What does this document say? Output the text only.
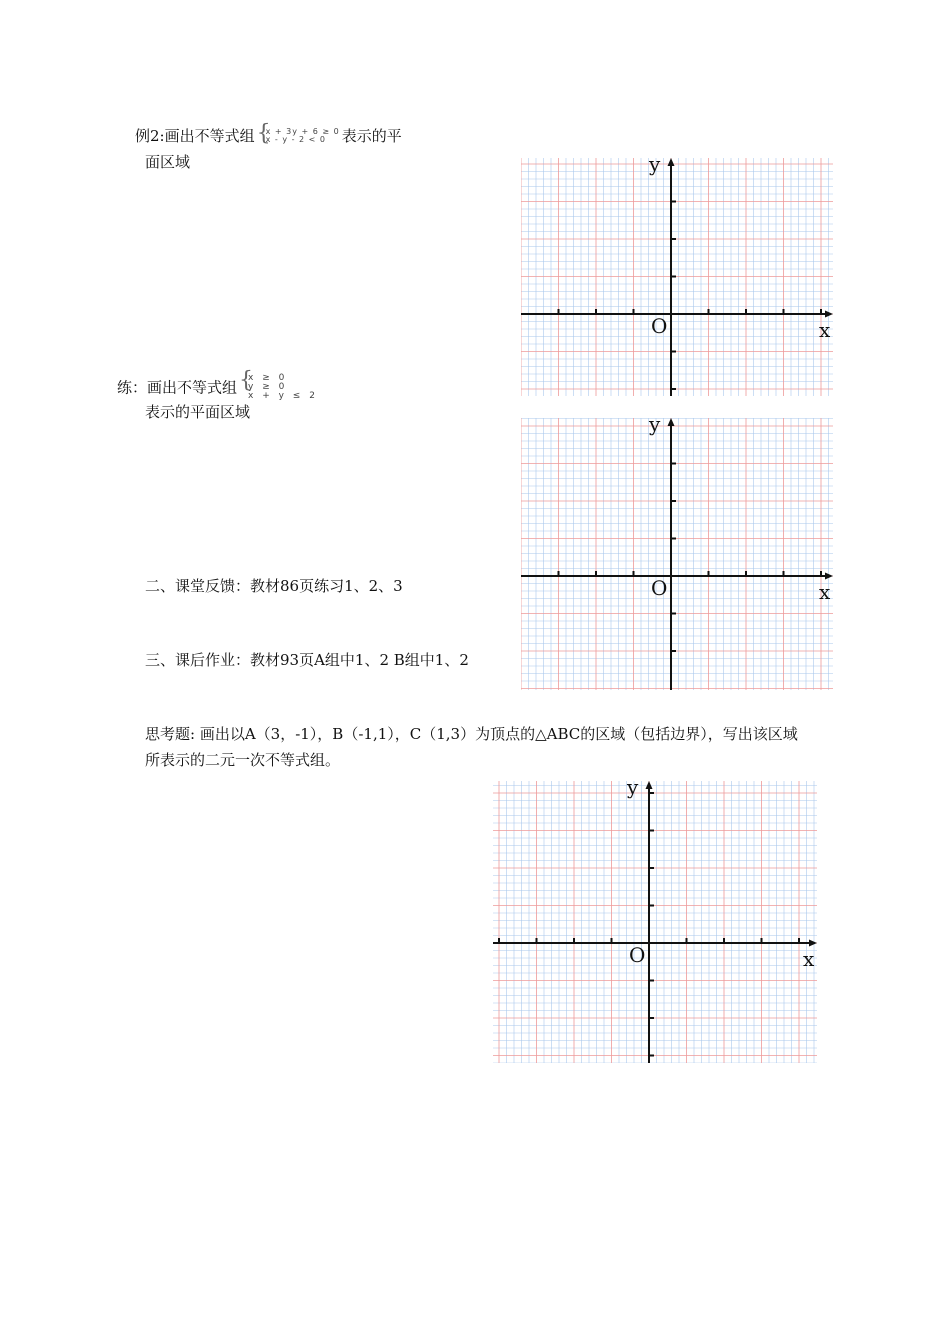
例2:画出不等式组 {
x + 3y + 6 ≥ 0
x - y - 2 < 0	表示的平
面区域
练：画出不等式组 {
x ≥ 0
y ≥ 0
x + y ≤ 2
表示的平面区域
二、课堂反馈：教材86页练习1、2、3
三、课后作业：教材93页A组中1、2 B组中1、2
思考题: 画出以A（3，-1），B（-1,1），C（1,3）为顶点的△ABC的区域（包括边界），写出该区域
所表示的二元一次不等式组。
y
x
O
y
x
O
y
x
O
